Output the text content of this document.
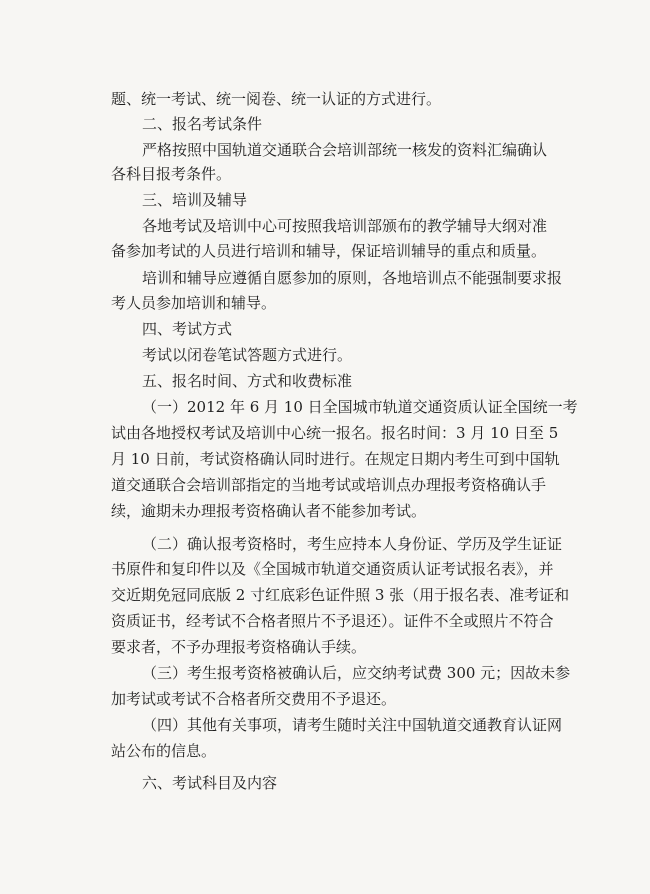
题、统一考试、统一阅卷、统一认证的方式进行。
二、报名考试条件
严格按照中国轨道交通联合会培训部统一核发的资料汇编确认
各科目报考条件。
三、培训及辅导
各地考试及培训中心可按照我培训部颁布的教学辅导大纲对准
备参加考试的人员进行培训和辅导，保证培训辅导的重点和质量。
培训和辅导应遵循自愿参加的原则，各地培训点不能强制要求报
考人员参加培训和辅导。
四、考试方式
考试以闭卷笔试答题方式进行。
五、报名时间、方式和收费标准
（一）2012 年 6 月 10 日全国城市轨道交通资质认证全国统一考
试由各地授权考试及培训中心统一报名。报名时间：3 月 10 日至 5
月 10 日前，考试资格确认同时进行。在规定日期内考生可到中国轨
道交通联合会培训部指定的当地考试或培训点办理报考资格确认手
续，逾期未办理报考资格确认者不能参加考试。
（二）确认报考资格时，考生应持本人身份证、学历及学生证证
书原件和复印件以及《全国城市轨道交通资质认证考试报名表》，并
交近期免冠同底版 2 寸红底彩色证件照 3 张（用于报名表、准考证和
资质证书，经考试不合格者照片不予退还）。证件不全或照片不符合
要求者，不予办理报考资格确认手续。
（三）考生报考资格被确认后，应交纳考试费 300 元；因故未参
加考试或考试不合格者所交费用不予退还。
（四）其他有关事项，请考生随时关注中国轨道交通教育认证网
站公布的信息。
六、考试科目及内容
